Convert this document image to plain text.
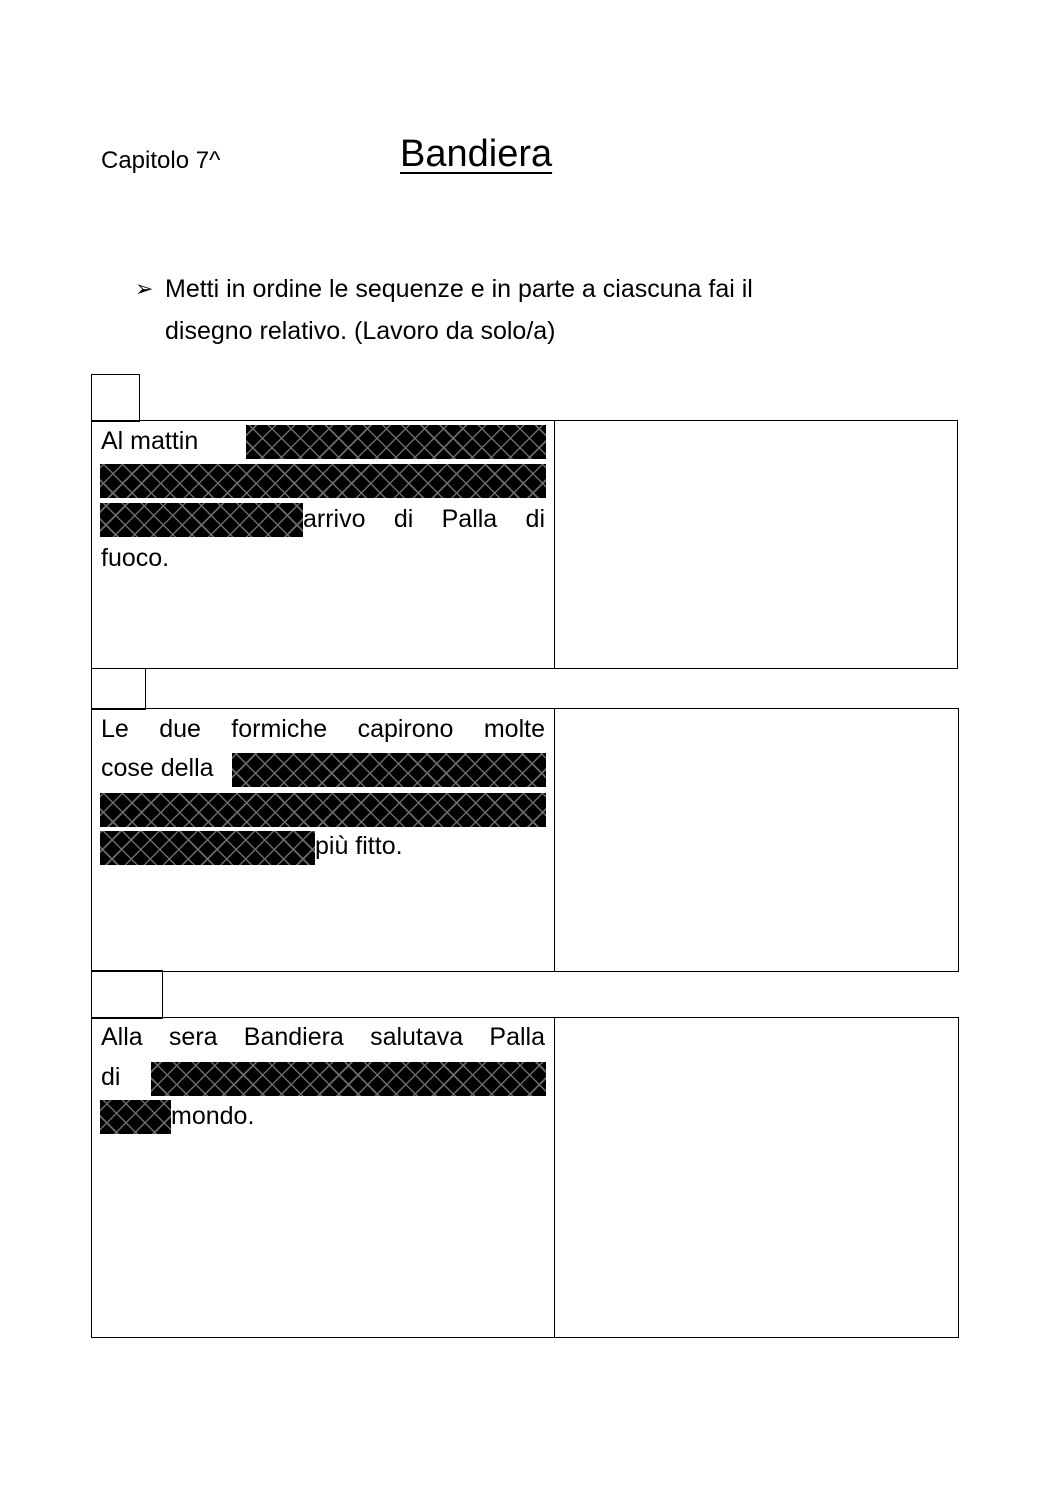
Capitolo 7^	Bandiera
➢ Metti in ordine le sequenze e in parte a ciascuna fai il
disegno relativo. (Lavoro da solo/a)
Al mattin
arrivo di Palla di
fuoco.
Le due formiche capirono molte
cose della
più fitto.
Alla sera Bandiera salutava Palla
di
mondo.
